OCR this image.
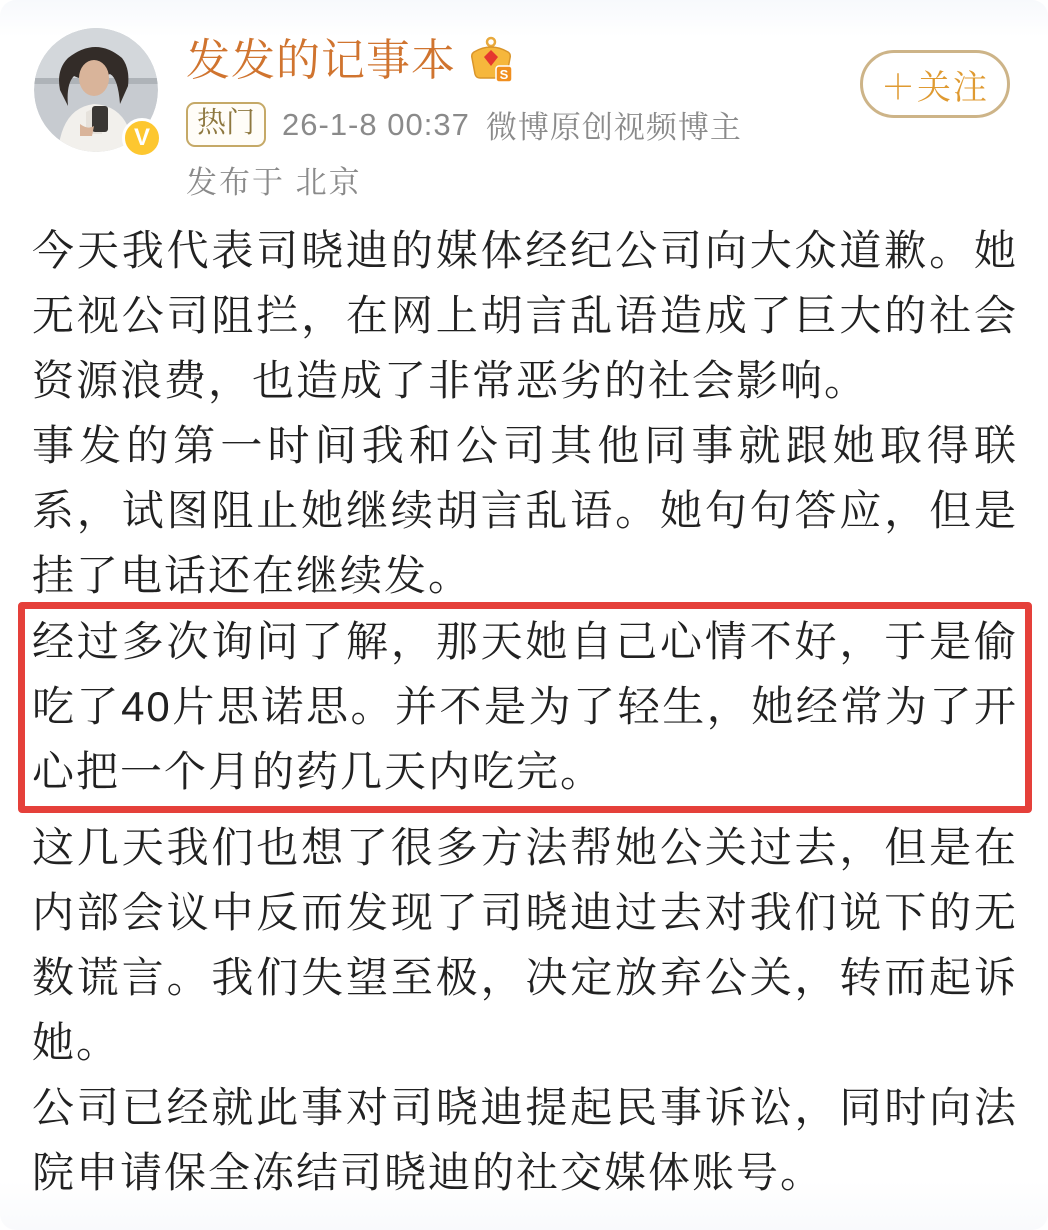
V
发发的记事本	S
热门 26-1-8 00:37 微博原创视频博主
发布于 北京
＋关注

今天我代表司晓迪的媒体经纪公司向大众道歉。她无视公司阻拦，在网上胡言乱语造成了巨大的社会资源浪费，也造成了非常恶劣的社会影响。

事发的第一时间我和公司其他同事就跟她取得联系，试图阻止她继续胡言乱语。她句句答应，但是挂了电话还在继续发。

经过多次询问了解，那天她自己心情不好，于是偷吃了40片思诺思。并不是为了轻生，她经常为了开心把一个月的药几天内吃完。

这几天我们也想了很多方法帮她公关过去，但是在内部会议中反而发现了司晓迪过去对我们说下的无数谎言。我们失望至极，决定放弃公关，转而起诉她。

公司已经就此事对司晓迪提起民事诉讼，同时向法院申请保全冻结司晓迪的社交媒体账号。
